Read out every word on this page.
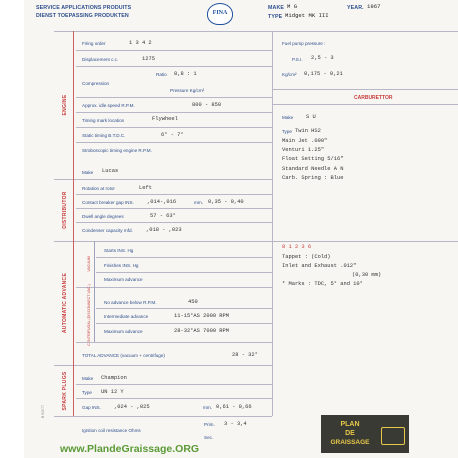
SERVICE APPLICATIONS PRODUITS
DIENST TOEPASSING PRODUKTEN	FINA
MAKE M G	YEAR. 1967
TYPE Midget MK III
ENGINE
Firing order	1 3 4 2
Displacement c.c.	1275
Compression
Ratio 8,8 : 1
Pressure Kg/cm²
Approx. idle speed R.P.M.	800 - 850
Timing mark location	Flywheel
Static timing B.T.D.C.	6° - 7°
Stroboscopic timing engine R.P.M.
DISTRIBUTOR
Make Lucas
Rotation at rotor	Left
Contact breaker gap INS. ,014-,016	mm. 0,35 - 0,40
Dwell angle degrees	57 - 63°
Condenser capacity mfd. ,018 - ,023
AUTOMATIC ADVANCE
VACUUM
Starts INS. Hg
Finishes INS. Hg
Maximum advance
CENTRIFUGAL (DISCONNECT VAC.)	No advance below R.P.M.	450
Intermediate advance	11-15°AS 2000 RPM
Maximum advance	28-32°AS 7000 RPM
TOTAL ADVANCE (vacuum + centrifuge)	28 - 32°
SPARK PLUGS	Make Champion
Type UN 12 Y
Gap INS. ,024 - ,025	mm. 0,61 - 0,66
Ignition coil resistance Ohms
Prim. 3 - 3,4
Sec.
B 9/2/77
Fuel pump pressure :
P.S.I. 2,5 - 3
Kg/cm² 0,175 - 0,21
CARBURETTOR
Make S U
Type Twin HS2
Main Jet .090"
Venturi 1.25"
Float Setting 5/16"
Standard Needle A N
Carb. Spring : Blue
8 1 2 3 6
Tappet : (Cold)
Inlet and Exhaust .012"
(0,30 mm)
* Marks : TDC, 5° and 10°
PLAN
DE
GRAISSAGE
www.PlandeGraissage.ORG
